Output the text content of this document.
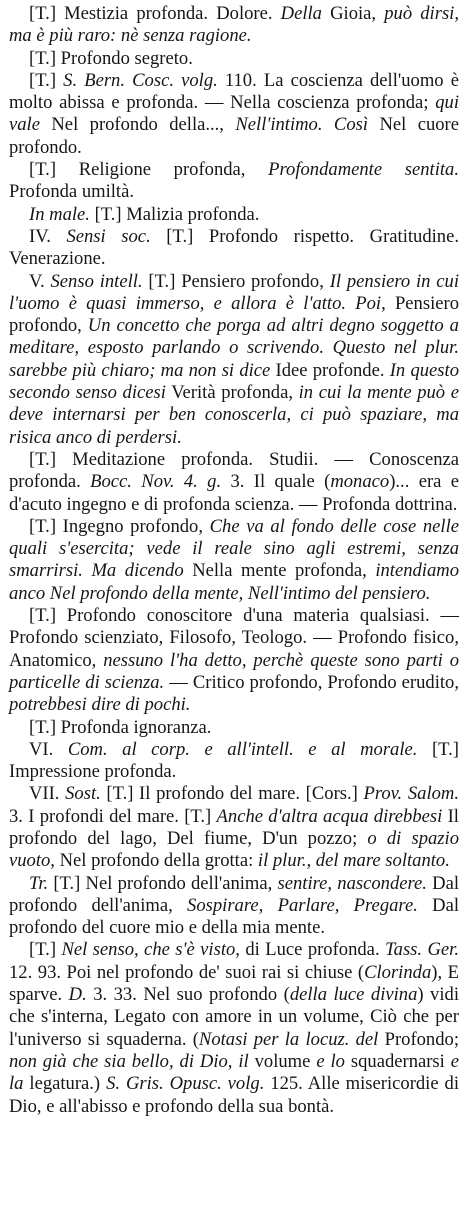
[T.] Mestizia profonda. Dolore. Della Gioia, può dirsi, ma è più raro: nè senza ragione.

[T.] Profondo segreto.

[T.] S. Bern. Cosc. volg. 110. La coscienza dell'uomo è molto abissa e profonda. — Nella coscienza profonda; qui vale Nel profondo della..., Nell'intimo. Così Nel cuore profondo.

[T.] Religione profonda, Profondamente sentita. Profonda umiltà.

In male. [T.] Malizia profonda.

IV. Sensi soc. [T.] Profondo rispetto. Gratitudine. Venerazione.

V. Senso intell. [T.] Pensiero profondo, Il pensiero in cui l'uomo è quasi immerso, e allora è l'atto. Poi, Pensiero profondo, Un concetto che porga ad altri degno soggetto a meditare, esposto parlando o scrivendo. Questo nel plur. sarebbe più chiaro; ma non si dice Idee profonde. In questo secondo senso dicesi Verità profonda, in cui la mente può e deve internarsi per ben conoscerla, ci può spaziare, ma risica anco di perdersi.

[T.] Meditazione profonda. Studii. — Conoscenza profonda. Bocc. Nov. 4. g. 3. Il quale (monaco)... era e d'acuto ingegno e di profonda scienza. — Profonda dottrina.

[T.] Ingegno profondo, Che va al fondo delle cose nelle quali s'esercita; vede il reale sino agli estremi, senza smarrirsi. Ma dicendo Nella mente profonda, intendiamo anco Nel profondo della mente, Nell'intimo del pensiero.

[T.] Profondo conoscitore d'una materia qualsiasi. — Profondo scienziato, Filosofo, Teologo. — Profondo fisico, Anatomico, nessuno l'ha detto, perchè queste sono parti o particelle di scienza. — Critico profondo, Profondo erudito, potrebbesi dire di pochi.

[T.] Profonda ignoranza.

VI. Com. al corp. e all'intell. e al morale. [T.] Impressione profonda.

VII. Sost. [T.] Il profondo del mare. [Cors.] Prov. Salom. 3. I profondi del mare. [T.] Anche d'altra acqua direbbesi Il profondo del lago, Del fiume, D'un pozzo; o di spazio vuoto, Nel profondo della grotta: il plur., del mare soltanto.

Tr. [T.] Nel profondo dell'anima, sentire, nascondere. Dal profondo dell'anima, Sospirare, Parlare, Pregare. Dal profondo del cuore mio e della mia mente.

[T.] Nel senso, che s'è visto, di Luce profonda. Tass. Ger. 12. 93. Poi nel profondo de' suoi rai si chiuse (Clorinda), E sparve. D. 3. 33. Nel suo profondo (della luce divina) vidi che s'interna, Legato con amore in un volume, Ciò che per l'universo si squaderna. (Notasi per la locuz. del Profondo; non già che sia bello, di Dio, il volume e lo squadernarsi e la legatura.) S. Gris. Opusc. volg. 125. Alle misericordie di Dio, e all'abisso e profondo della sua bontà.
